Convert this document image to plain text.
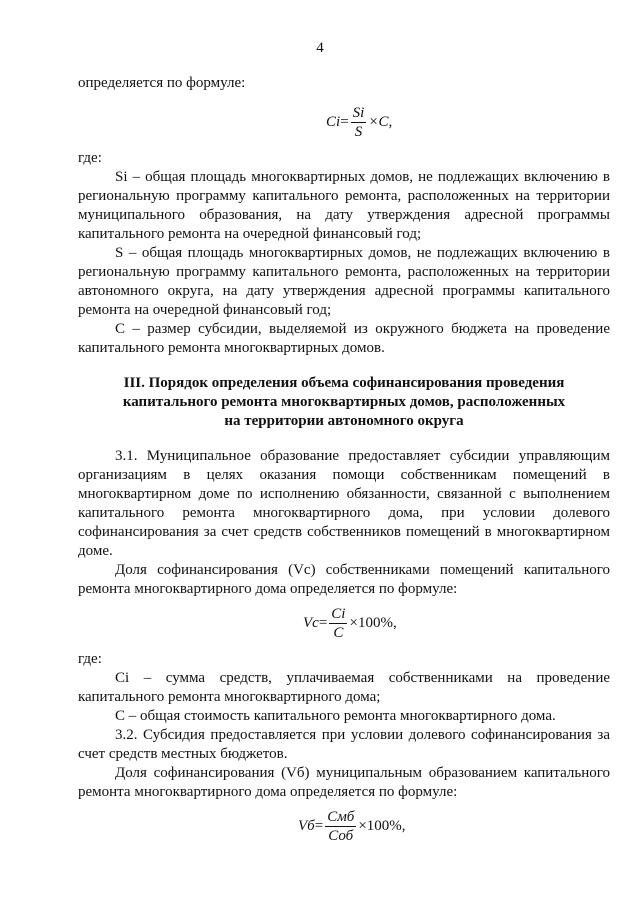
4
определяется по формуле:
$Ci= \frac{Si}{S} \times C$,
где:
Si – общая площадь многоквартирных домов, не подлежащих включению в
региональную программу капитального ремонта, расположенных на территории
муниципального образования, на дату утверждения адресной программы
капитального ремонта на очередной финансовый год;
S – общая площадь многоквартирных домов, не подлежащих включению в
региональную программу капитального ремонта, расположенных на территории
автономного округа, на дату утверждения адресной программы капитального
ремонта на очередной финансовый год;
С – размер субсидии, выделяемой из окружного бюджета на проведение
капитального ремонта многоквартирных домов.
III. Порядок определения объема софинансирования проведения
капитального ремонта многоквартирных домов, расположенных
на территории автономного округа
3.1. Муниципальное образование предоставляет субсидии управляющим
организациям в целях оказания помощи собственникам помещений в
многоквартирном доме по исполнению обязанности, связанной с выполнением
капитального ремонта многоквартирного дома, при условии долевого
софинансирования за счет средств собственников помещений в многоквартирном
доме.
Доля софинансирования (Vc) собственниками помещений капитального
ремонта многоквартирного дома определяется по формуле:
$Vc= \frac{Ci}{C} \times 100\%$,
где:
Ci – сумма средств, уплачиваемая собственниками на проведение
капитального ремонта многоквартирного дома;
С – общая стоимость капитального ремонта многоквартирного дома.
3.2. Субсидия предоставляется при условии долевого софинансирования за
счет средств местных бюджетов.
Доля софинансирования (Vб) муниципальным образованием капитального
ремонта многоквартирного дома определяется по формуле:
$Vб= \frac{\text{Смб}}{\text{Соб}} \times 100\%$,
